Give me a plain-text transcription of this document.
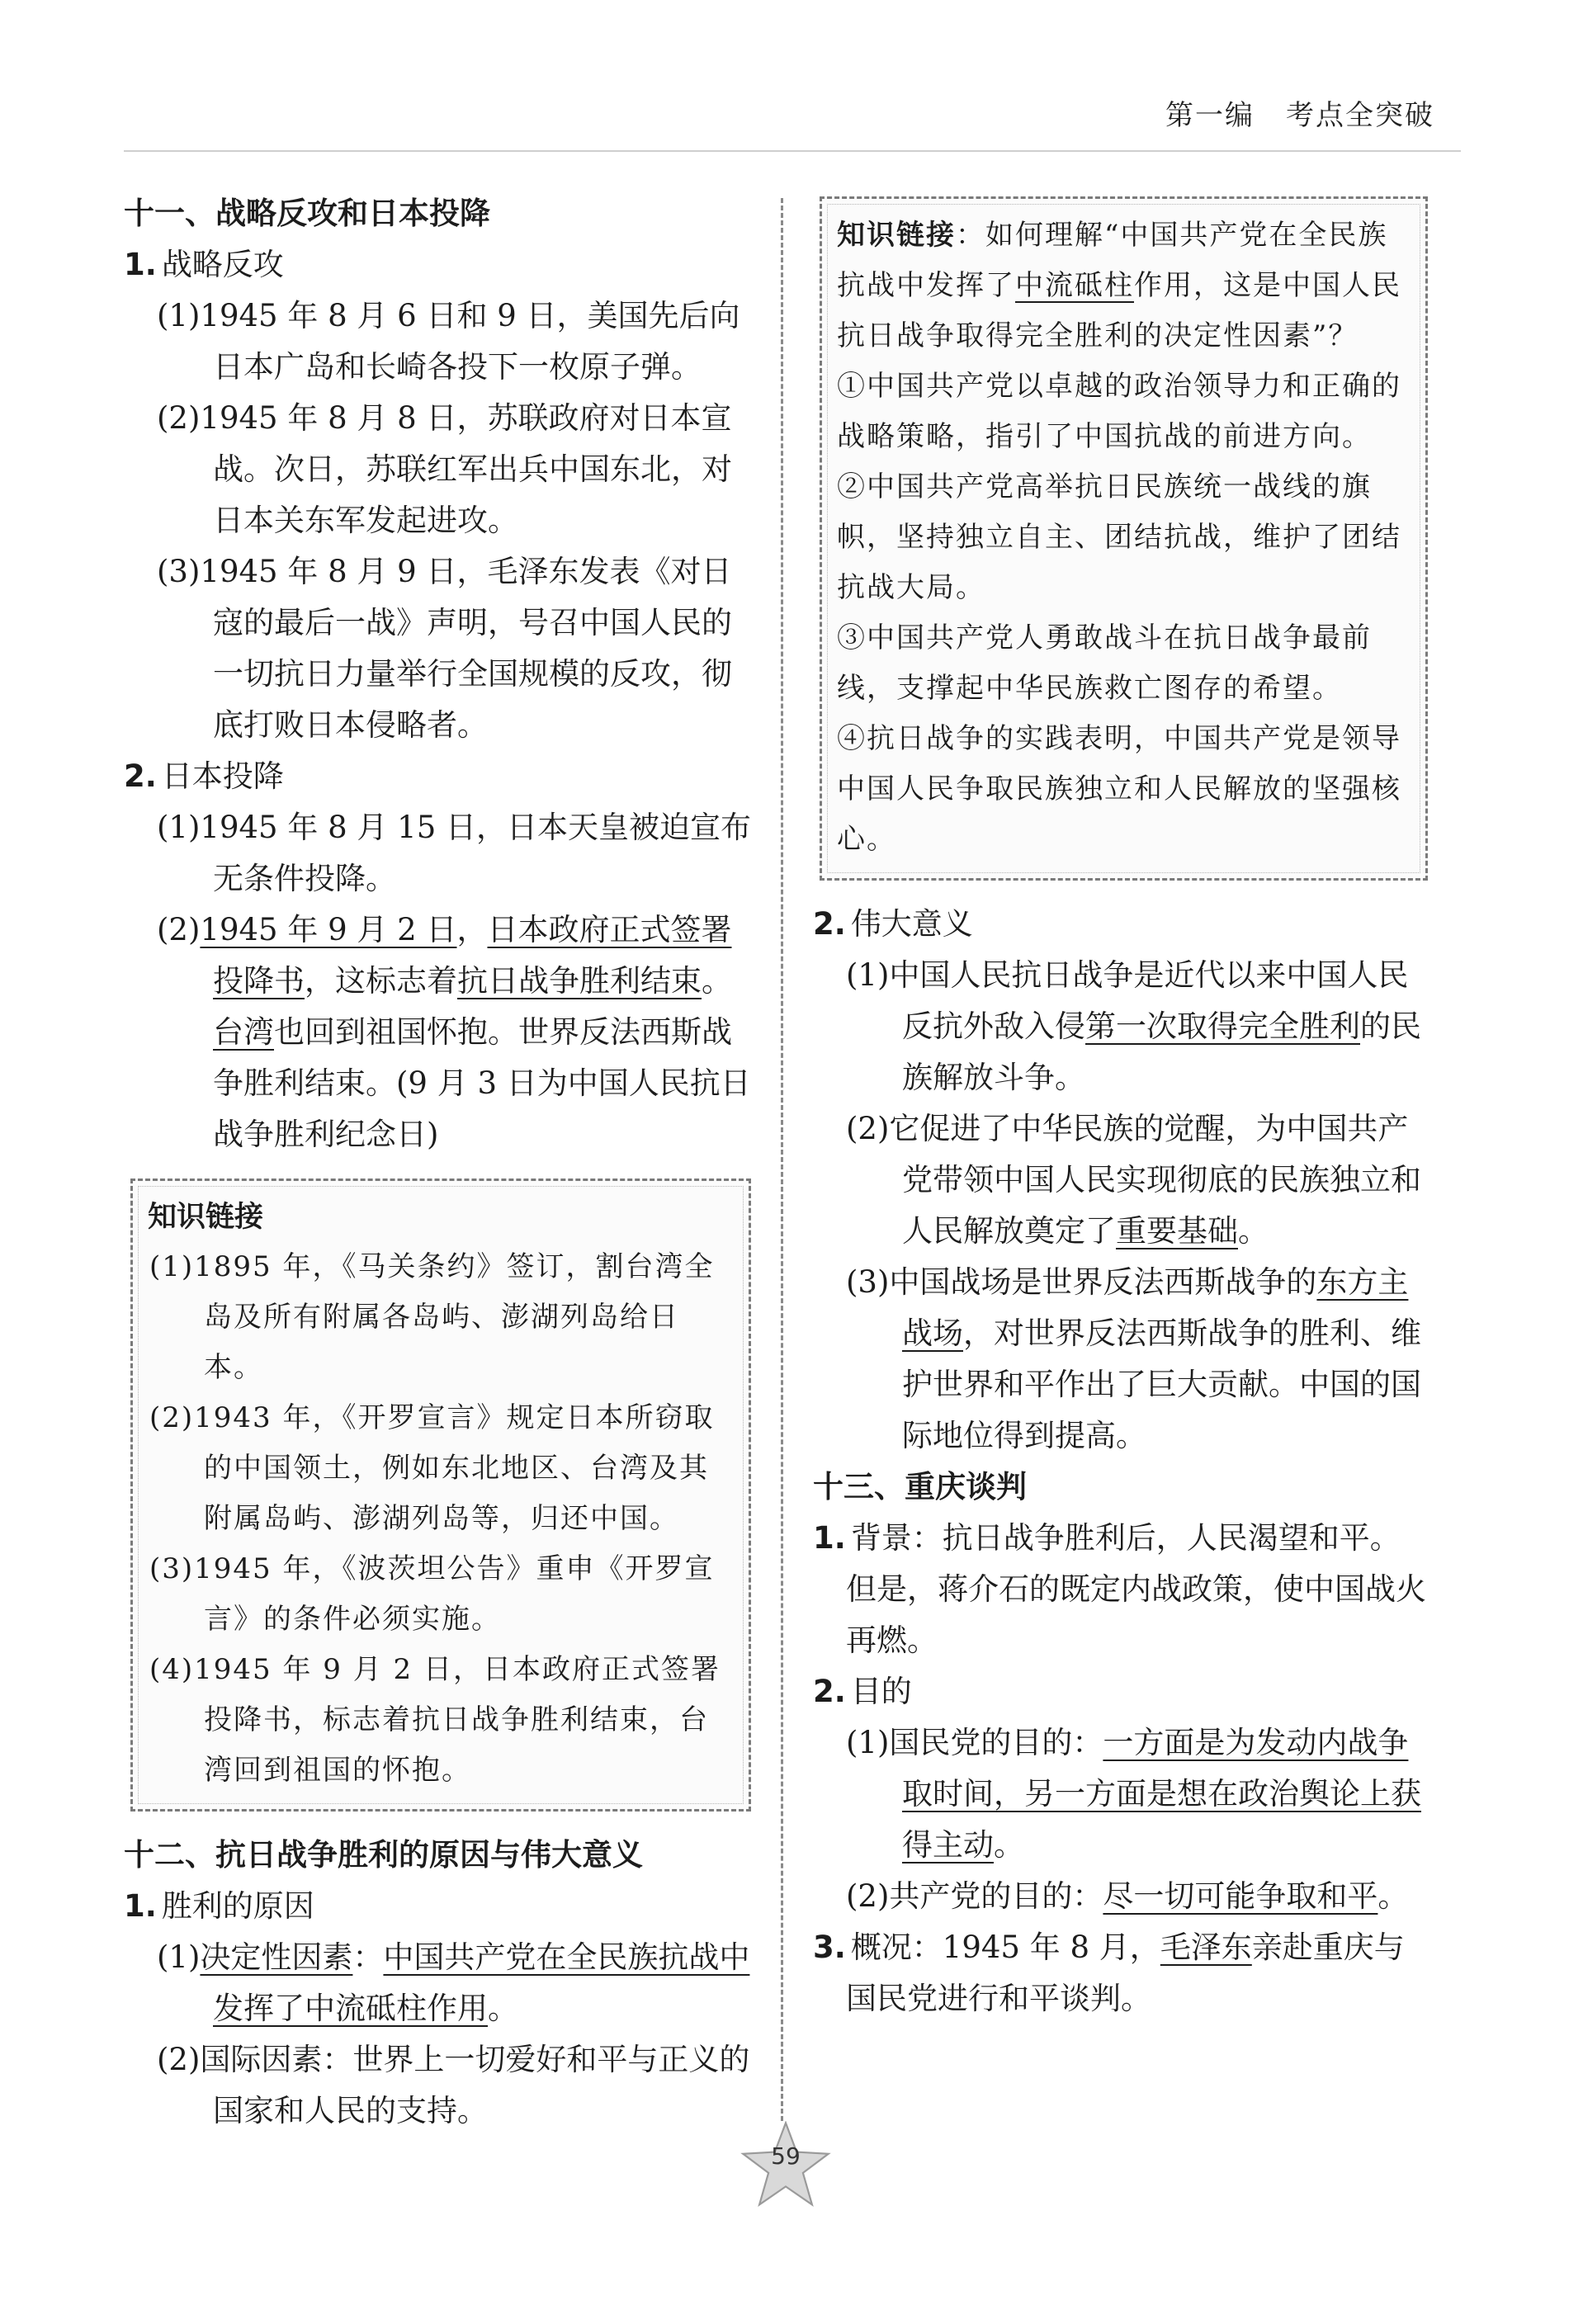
第一编 考点全突破

十一、战略反攻和日本投降

1. 战略反攻

(1)1945 年 8 月 6 日和 9 日，美国先后向日本广岛和长崎各投下一枚原子弹。

(2)1945 年 8 月 8 日，苏联政府对日本宣战。次日，苏联红军出兵中国东北，对日本关东军发起进攻。

(3)1945 年 8 月 9 日，毛泽东发表《对日寇的最后一战》声明，号召中国人民的一切抗日力量举行全国规模的反攻，彻底打败日本侵略者。

2. 日本投降

(1)1945 年 8 月 15 日，日本天皇被迫宣布无条件投降。

(2)1945 年 9 月 2 日，日本政府正式签署投降书，这标志着抗日战争胜利结束。台湾也回到祖国怀抱。世界反法西斯战争胜利结束。(9 月 3 日为中国人民抗日战争胜利纪念日)

知识链接

(1)1895 年，《马关条约》签订，割台湾全岛及所有附属各岛屿、澎湖列岛给日本。

(2)1943 年，《开罗宣言》规定日本所窃取的中国领土，例如东北地区、台湾及其附属岛屿、澎湖列岛等，归还中国。

(3)1945 年，《波茨坦公告》重申《开罗宣言》的条件必须实施。

(4)1945 年 9 月 2 日，日本政府正式签署投降书，标志着抗日战争胜利结束，台湾回到祖国的怀抱。

十二、抗日战争胜利的原因与伟大意义

1. 胜利的原因

(1)决定性因素：中国共产党在全民族抗战中发挥了中流砥柱作用。

(2)国际因素：世界上一切爱好和平与正义的国家和人民的支持。

知识链接：如何理解“中国共产党在全民族抗战中发挥了中流砥柱作用，这是中国人民抗日战争取得完全胜利的决定性因素”？

①中国共产党以卓越的政治领导力和正确的战略策略，指引了中国抗战的前进方向。

②中国共产党高举抗日民族统一战线的旗帜，坚持独立自主、团结抗战，维护了团结抗战大局。

③中国共产党人勇敢战斗在抗日战争最前线，支撑起中华民族救亡图存的希望。

④抗日战争的实践表明，中国共产党是领导中国人民争取民族独立和人民解放的坚强核心。

2. 伟大意义

(1)中国人民抗日战争是近代以来中国人民反抗外敌入侵第一次取得完全胜利的民族解放斗争。

(2)它促进了中华民族的觉醒，为中国共产党带领中国人民实现彻底的民族独立和人民解放奠定了重要基础。

(3)中国战场是世界反法西斯战争的东方主战场，对世界反法西斯战争的胜利、维护世界和平作出了巨大贡献。中国的国际地位得到提高。

十三、重庆谈判

1. 背景：抗日战争胜利后，人民渴望和平。但是，蒋介石的既定内战政策，使中国战火再燃。

2. 目的

(1)国民党的目的：一方面是为发动内战争取时间，另一方面是想在政治舆论上获得主动。

(2)共产党的目的：尽一切可能争取和平。

3. 概况：1945 年 8 月，毛泽东亲赴重庆与国民党进行和平谈判。

59
